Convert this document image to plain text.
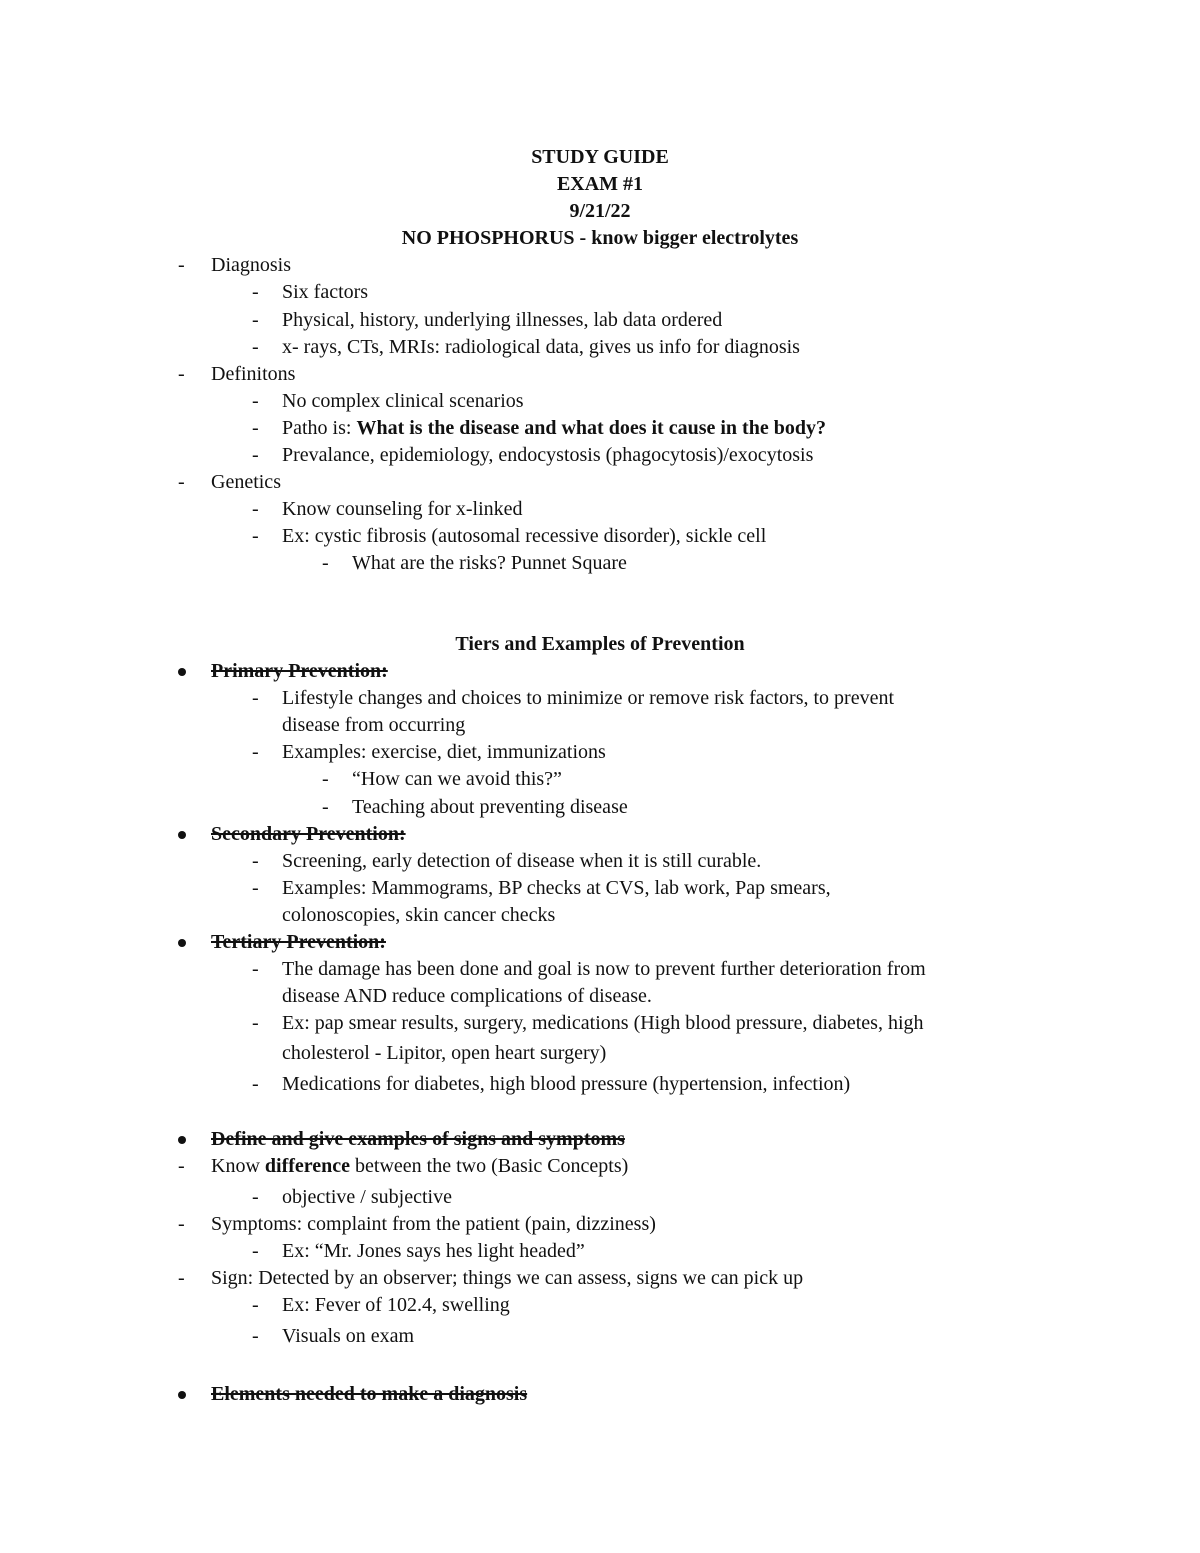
STUDY GUIDE
EXAM #1
9/21/22
NO PHOSPHORUS - know bigger electrolytes
- Diagnosis
- Six factors
- Physical, history, underlying illnesses, lab data ordered
- x- rays, CTs, MRIs: radiological data, gives us info for diagnosis
- Definitons
- No complex clinical scenarios
- Patho is: What is the disease and what does it cause in the body?
- Prevalance, epidemiology, endocystosis (phagocytosis)/exocytosis
- Genetics
- Know counseling for x-linked
- Ex: cystic fibrosis (autosomal recessive disorder), sickle cell
- What are the risks? Punnet Square
Tiers and Examples of Prevention
Primary Prevention:
- Lifestyle changes and choices to minimize or remove risk factors, to prevent
disease from occurring
- Examples: exercise, diet, immunizations
- “How can we avoid this?”
- Teaching about preventing disease
Secondary Prevention:
- Screening, early detection of disease when it is still curable.
- Examples: Mammograms, BP checks at CVS, lab work, Pap smears,
colonoscopies, skin cancer checks
Tertiary Prevention:
- The damage has been done and goal is now to prevent further deterioration from
disease AND reduce complications of disease.
- Ex: pap smear results, surgery, medications (High blood pressure, diabetes, high
cholesterol - Lipitor, open heart surgery)
- Medications for diabetes, high blood pressure (hypertension, infection)
Define and give examples of signs and symptoms
- Know difference between the two (Basic Concepts)
- objective / subjective
- Symptoms: complaint from the patient (pain, dizziness)
- Ex: “Mr. Jones says hes light headed”
- Sign: Detected by an observer; things we can assess, signs we can pick up
- Ex: Fever of 102.4, swelling
- Visuals on exam
Elements needed to make a diagnosis
